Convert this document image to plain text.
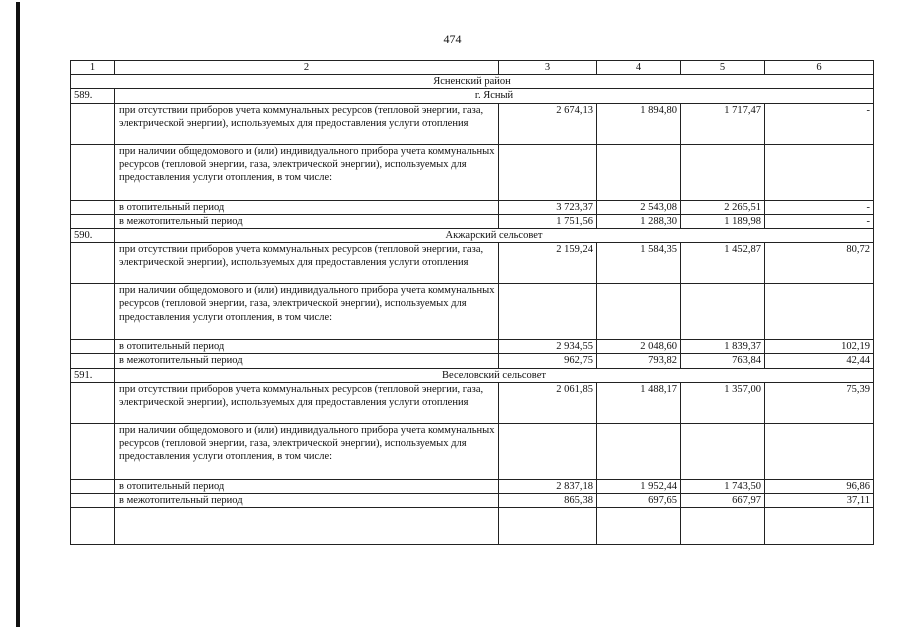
474
1	2	3	4	5	6
Ясненский район					
589.	г. Ясный				
	при отсутствии приборов учета коммунальных ресурсов (тепловой энергии, газа, электрической энергии), используемых для предоставления услуги отопления	2 674,13	1 894,80	1 717,47	-
	при наличии общедомового и (или) индивидуального прибора учета коммунальных ресурсов (тепловой энергии, газа, электрической энергии), используемых для предоставления услуги отопления, в том числе:				
	в отопительный период	3 723,37	2 543,08	2 265,51	-
	в межотопительный период	1 751,56	1 288,30	1 189,98	-
590.	Акжарский сельсовет				
	при отсутствии приборов учета коммунальных ресурсов (тепловой энергии, газа, электрической энергии), используемых для предоставления услуги отопления	2 159,24	1 584,35	1 452,87	80,72
	при наличии общедомового и (или) индивидуального прибора учета коммунальных ресурсов (тепловой энергии, газа, электрической энергии), используемых для предоставления услуги отопления, в том числе:				
	в отопительный период	2 934,55	2 048,60	1 839,37	102,19
	в межотопительный период	962,75	793,82	763,84	42,44
591.	Веселовский сельсовет				
	при отсутствии приборов учета коммунальных ресурсов (тепловой энергии, газа, электрической энергии), используемых для предоставления услуги отопления	2 061,85	1 488,17	1 357,00	75,39
	при наличии общедомового и (или) индивидуального прибора учета коммунальных ресурсов (тепловой энергии, газа, электрической энергии), используемых для предоставления услуги отопления, в том числе:				
	в отопительный период	2 837,18	1 952,44	1 743,50	96,86
	в межотопительный период	865,38	697,65	667,97	37,11
